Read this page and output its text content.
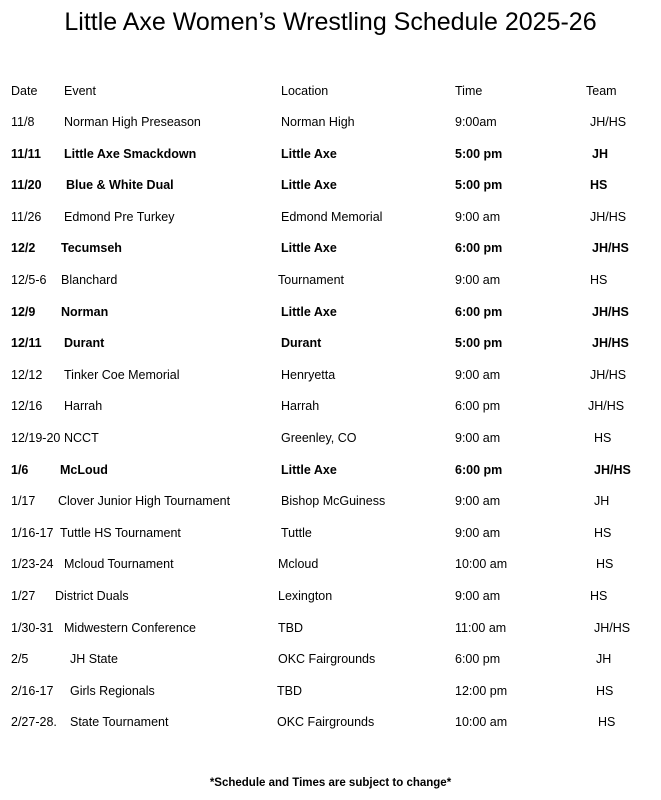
Little Axe Women’s Wrestling Schedule 2025-26
Date Event	Location	Time	Team
11/8 Norman High Preseason	Norman High	9:00am	JH/HS
11/11 Little Axe Smackdown	Little Axe	5:00 pm	JH
11/20 Blue & White Dual	Little Axe	5:00 pm	HS
11/26 Edmond Pre Turkey	Edmond Memorial	9:00 am	JH/HS
12/2 Tecumseh	Little Axe	6:00 pm	JH/HS
12/5-6 Blanchard	Tournament	9:00 am	HS
12/9 Norman	Little Axe	6:00 pm	JH/HS
12/11 Durant	Durant	5:00 pm	JH/HS
12/12 Tinker Coe Memorial	Henryetta	9:00 am	JH/HS
12/16 Harrah	Harrah	6:00 pm	JH/HS
12/19-20 NCCT	Greenley, CO	9:00 am	HS
1/6	McLoud	Little Axe	6:00 pm	JH/HS
1/17 Clover Junior High Tournament	Bishop McGuiness	9:00 am	JH
1/16-17 Tuttle HS Tournament	Tuttle	9:00 am	HS
1/23-24 Mcloud Tournament	Mcloud	10:00 am	HS
1/27 District Duals	Lexington	9:00 am	HS
1/30-31 Midwestern Conference	TBD	11:00 am	JH/HS
2/5	JH State	OKC Fairgrounds	6:00 pm	JH
2/16-17 Girls Regionals	TBD	12:00 pm	HS
2/27-28. State Tournament	OKC Fairgrounds	10:00 am	HS
*Schedule and Times are subject to change*
